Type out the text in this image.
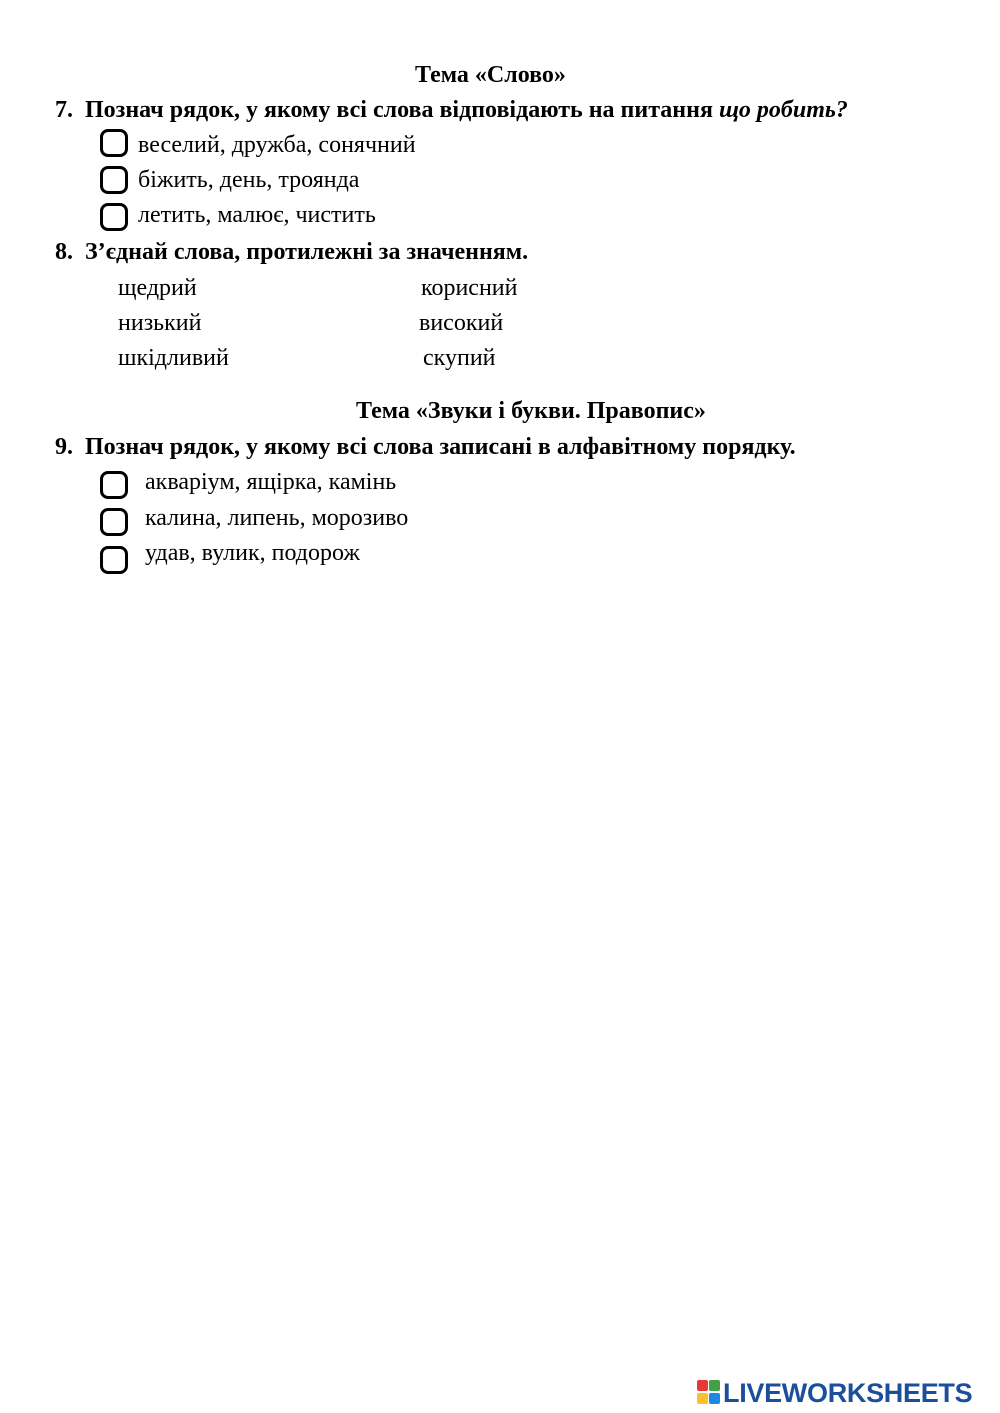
Тема «Слово»
7. Познач рядок, у якому всі слова відповідають на питання що робить?
веселий, дружба, сонячний
біжить, день, троянда
летить, малює, чистить
8. З’єднай слова, протилежні за значенням.
щедрий
низький
шкідливий
корисний
високий
скупий
Тема «Звуки і букви. Правопис»
9. Познач рядок, у якому всі слова записані в алфавітному порядку.
акваріум, ящірка, камінь
калина, липень, морозиво
удав, вулик, подорож
LIVEWORKSHEETS
